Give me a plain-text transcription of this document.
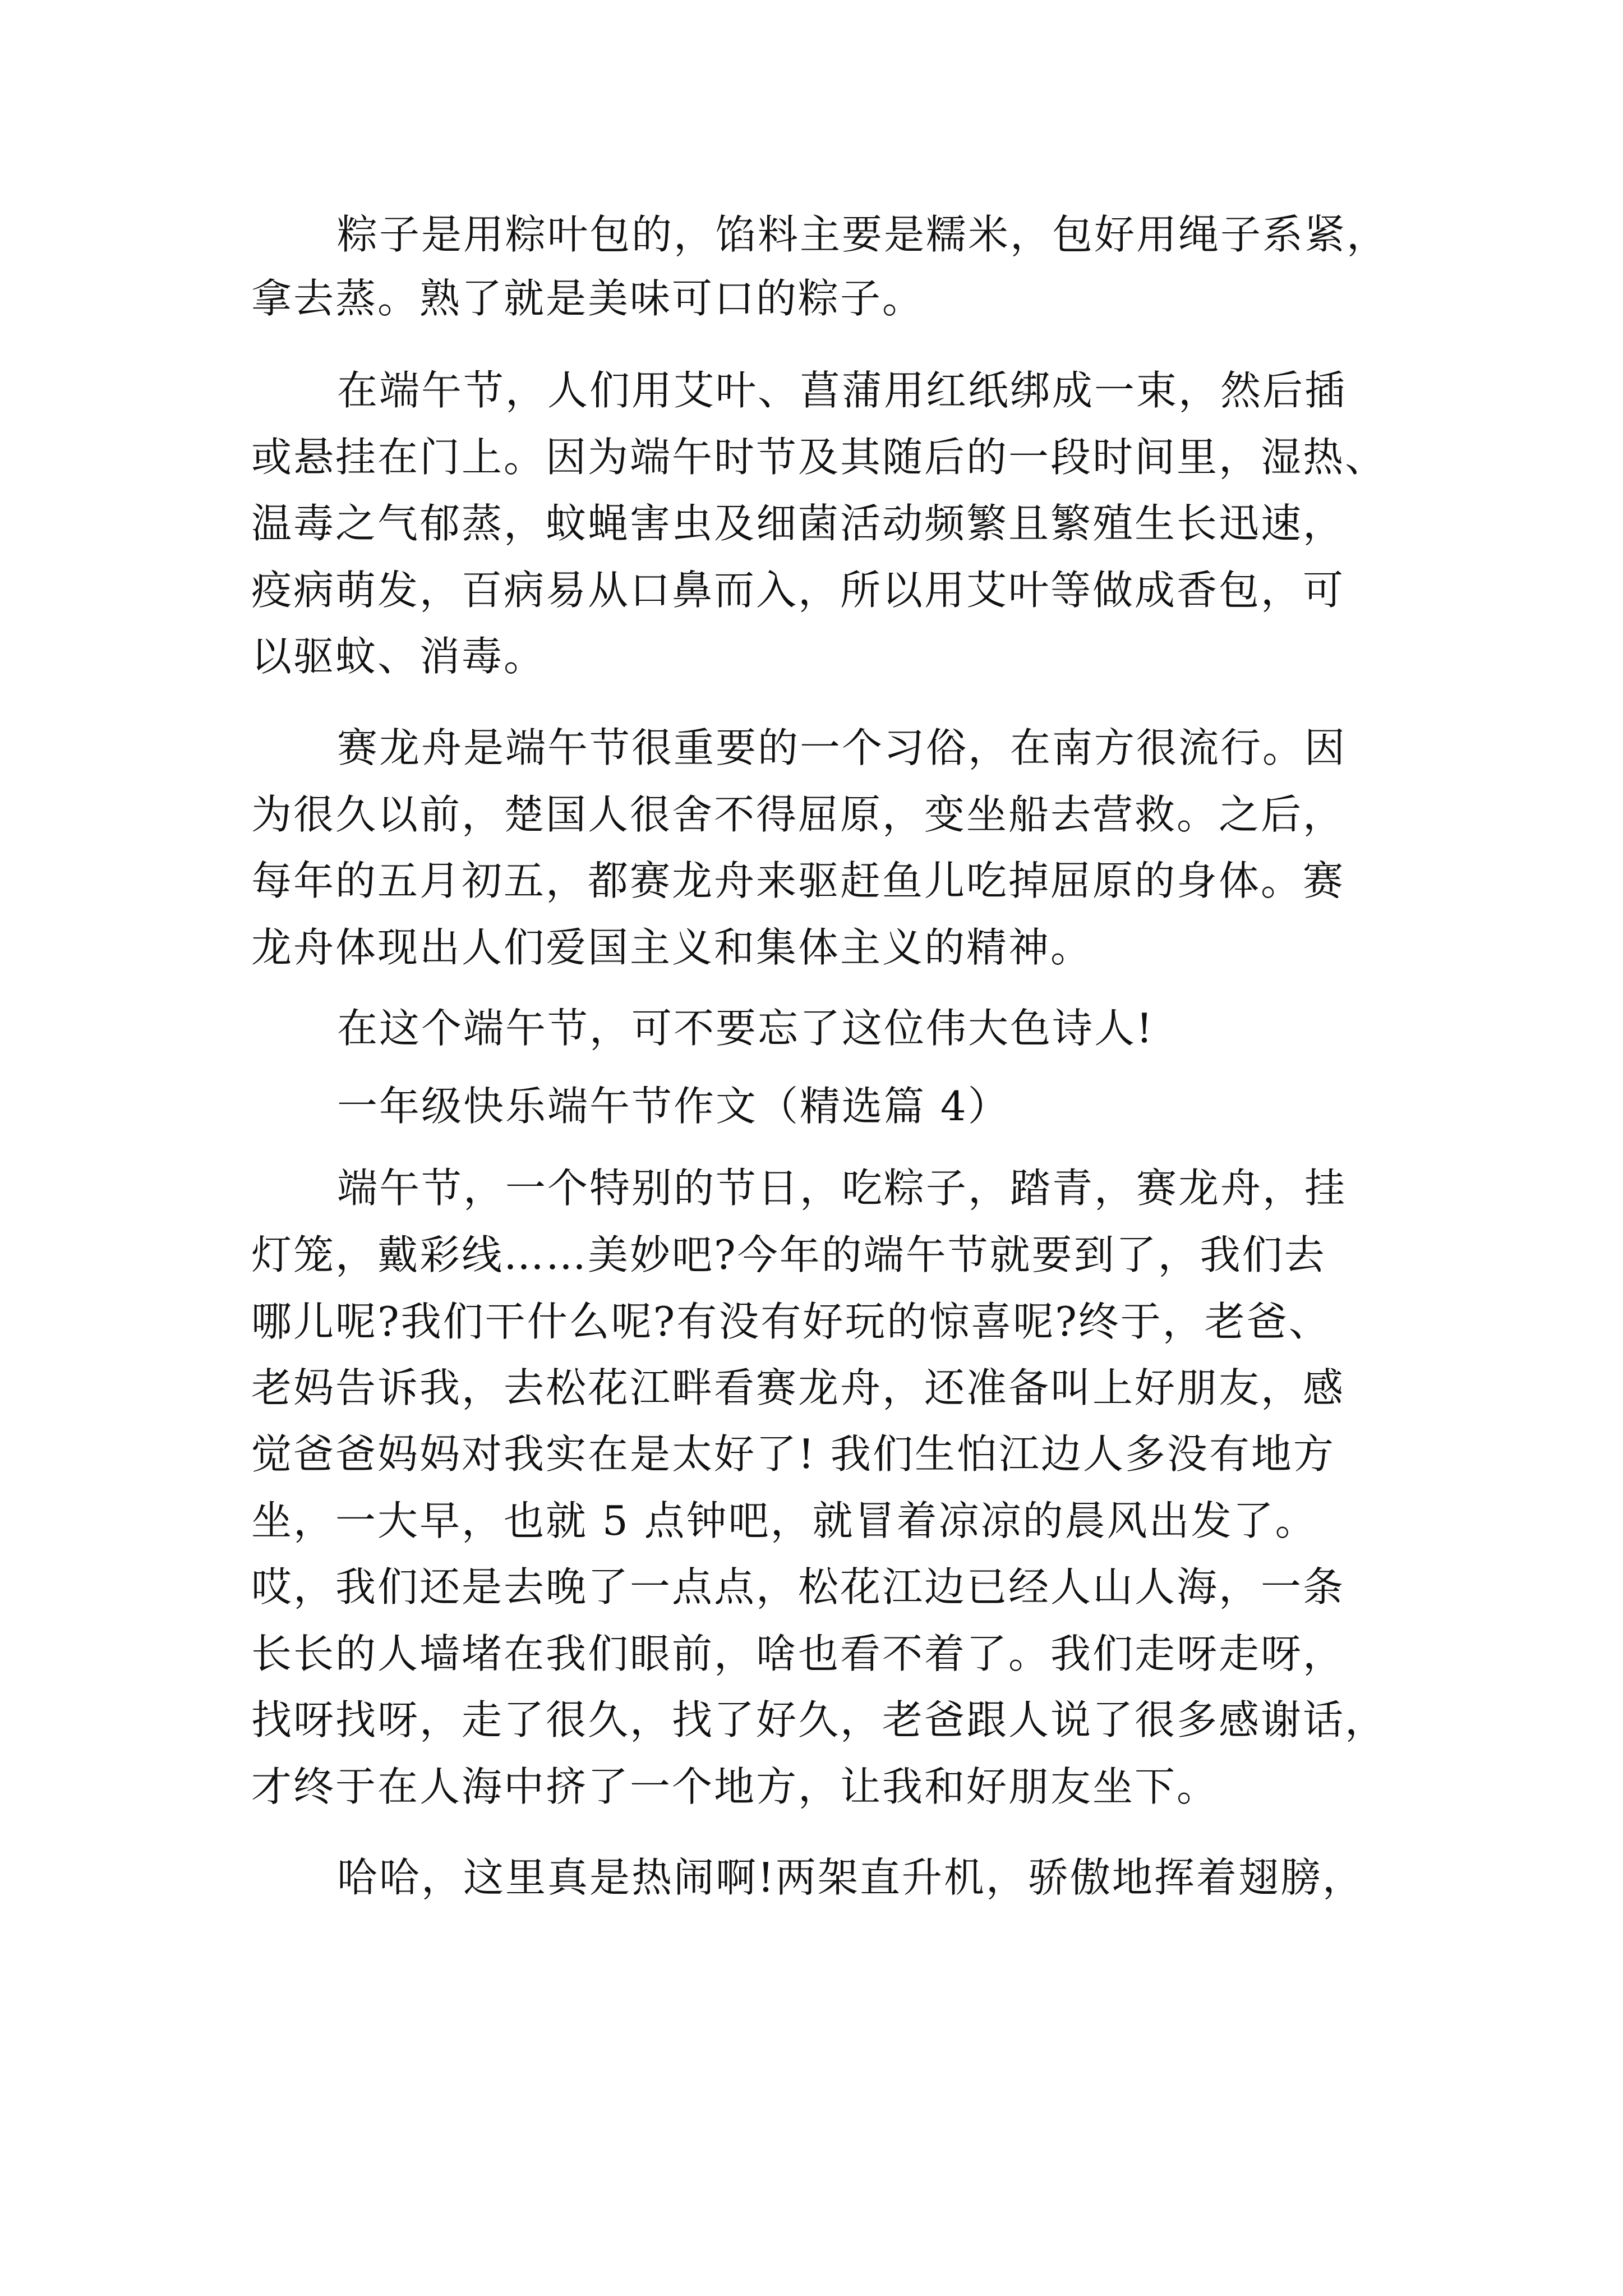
粽子是用粽叶包的，馅料主要是糯米，包好用绳子系紧，
拿去蒸。熟了就是美味可口的粽子。
在端午节，人们用艾叶、菖蒲用红纸绑成一束，然后插
或悬挂在门上。因为端午时节及其随后的一段时间里，湿热、
温毒之气郁蒸，蚊蝇害虫及细菌活动频繁且繁殖生长迅速，
疫病萌发，百病易从口鼻而入，所以用艾叶等做成香包，可
以驱蚊、消毒。
赛龙舟是端午节很重要的一个习俗，在南方很流行。因
为很久以前，楚国人很舍不得屈原，变坐船去营救。之后，
每年的五月初五，都赛龙舟来驱赶鱼儿吃掉屈原的身体。赛
龙舟体现出人们爱国主义和集体主义的精神。
在这个端午节，可不要忘了这位伟大色诗人!
一年级快乐端午节作文（精选篇 4）
端午节，一个特别的节日，吃粽子，踏青，赛龙舟，挂
灯笼，戴彩线……美妙吧?今年的端午节就要到了，我们去
哪儿呢?我们干什么呢?有没有好玩的惊喜呢?终于，老爸、
老妈告诉我，去松花江畔看赛龙舟，还准备叫上好朋友，感
觉爸爸妈妈对我实在是太好了! 我们生怕江边人多没有地方
坐，一大早，也就 5 点钟吧，就冒着凉凉的晨风出发了。
哎，我们还是去晚了一点点，松花江边已经人山人海，一条
长长的人墙堵在我们眼前，啥也看不着了。我们走呀走呀，
找呀找呀，走了很久，找了好久，老爸跟人说了很多感谢话，
才终于在人海中挤了一个地方，让我和好朋友坐下。
哈哈，这里真是热闹啊!两架直升机，骄傲地挥着翅膀，
